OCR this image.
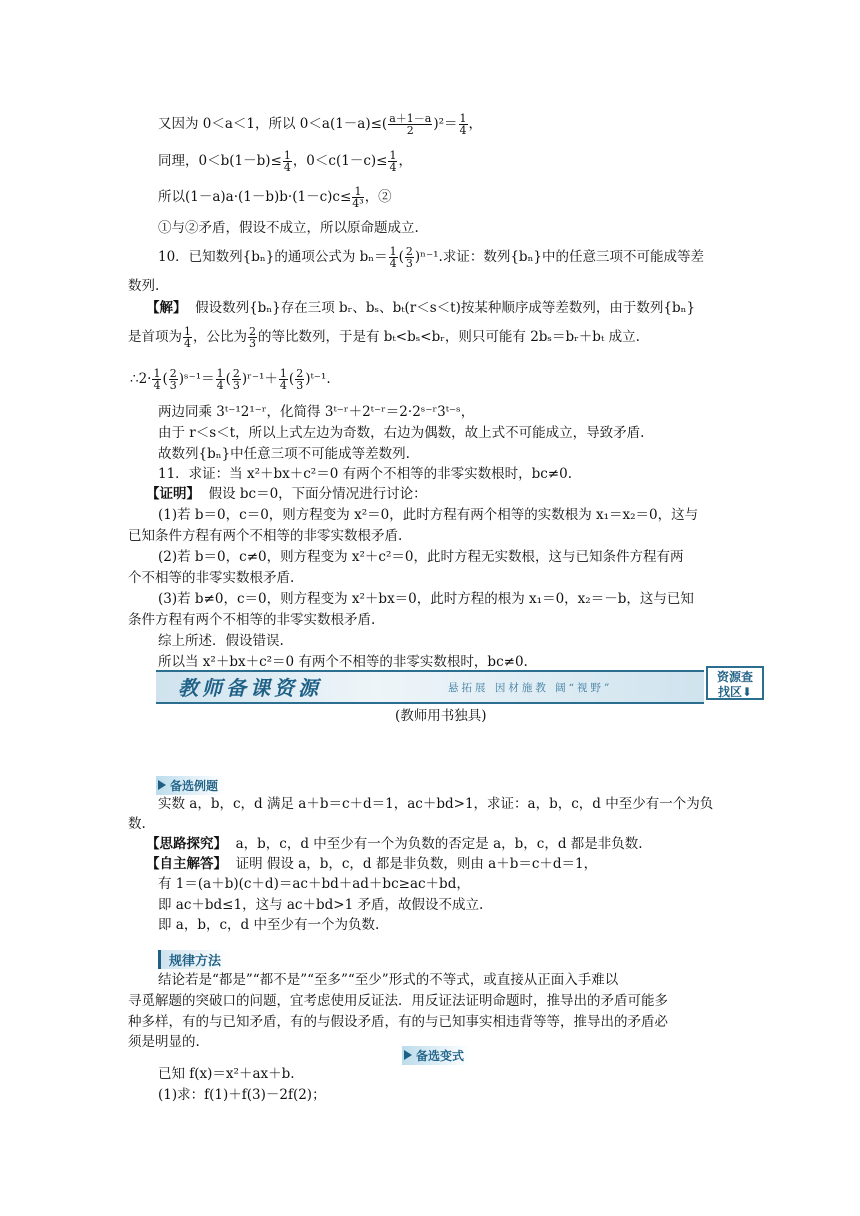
又因为 0＜a＜1，所以 $0<a(1-a)\le( \frac{a+1-a}{2} )^2= \frac{1}{4}$ ，
同理，$0<b(1-b)\le \frac{1}{4}$ ，$0<c(1-c)\le \frac{1}{4}$ ，
所以$(1-a)a\cdot(1-b)b\cdot(1-c)c\le \frac{1}{\text{4³}}$ ，②
①与②矛盾，假设不成立，所以原命题成立.
10．已知数列{bₙ}的通项公式为 $b_n= \frac{1}{4}$ ( $\frac{2}{3} )^{n-1}$.求证：数列{bₙ}中的任意三项不可能成等差
数列.
【解】 假设数列{bₙ}存在三项 bᵣ、bₛ、bₜ(r＜s＜t)按某种顺序成等差数列，由于数列{bₙ}
是首项为 $\frac{1}{4}$ ，公比为 $\frac{2}{3}$ 的等比数列，于是有 bₜ<bₛ<bᵣ，则只可能有 2bₛ＝bᵣ＋bₜ 成立.
∴2· $\frac{1}{4}$ ( $\frac{2}{3}$ )ˢ⁻¹＝ $\frac{1}{4}$ ( $\frac{2}{3}$ )ʳ⁻¹＋ $\frac{1}{4}$ ( $\frac{2}{3}$ )ᵗ⁻¹.
两边同乘 3ᵗ⁻¹2¹⁻ʳ，化简得 3ᵗ⁻ʳ＋2ᵗ⁻ʳ＝2·2ˢ⁻ʳ3ᵗ⁻ˢ，
由于 r＜s＜t，所以上式左边为奇数，右边为偶数，故上式不可能成立，导致矛盾.
故数列{bₙ}中任意三项不可能成等差数列.
11．求证：当 x²＋bx＋c²＝0 有两个不相等的非零实数根时，bc≠0.
【证明】 假设 bc＝0，下面分情况进行讨论：
(1)若 b＝0，c＝0，则方程变为 x²＝0，此时方程有两个相等的实数根为 x₁＝x₂＝0，这与
已知条件方程有两个不相等的非零实数根矛盾.
(2)若 b＝0，c≠0，则方程变为 x²＋c²＝0，此时方程无实数根，这与已知条件方程有两
个不相等的非零实数根矛盾.
(3)若 b≠0，c＝0，则方程变为 x²＋bx＝0，此时方程的根为 x₁＝0，x₂＝－b，这与已知
条件方程有两个不相等的非零实数根矛盾.
综上所述．假设错误.
所以当 x²＋bx＋c²＝0 有两个不相等的非零实数根时，bc≠0.
教师备课资源	悬拓展 因材施教 阔“视野”
资源查
找区⬇
(教师用书独具)
备选例题
实数 a，b，c，d 满足 a＋b＝c＋d＝1，ac＋bd>1，求证：a，b，c，d 中至少有一个为负
数.
【思路探究】 a，b，c，d 中至少有一个为负数的否定是 a，b，c，d 都是非负数.
【自主解答】 证明 假设 a，b，c，d 都是非负数，则由 a＋b＝c＋d＝1，
有 1＝(a＋b)(c＋d)＝ac＋bd＋ad＋bc≥ac＋bd，
即 ac＋bd≤1，这与 ac＋bd>1 矛盾，故假设不成立.
即 a，b，c，d 中至少有一个为负数.
规律方法
结论若是“都是”“都不是”“至多”“至少”形式的不等式，或直接从正面入手难以
寻觅解题的突破口的问题，宜考虑使用反证法．用反证法证明命题时，推导出的矛盾可能多
种多样，有的与已知矛盾，有的与假设矛盾，有的与已知事实相违背等等，推导出的矛盾必
须是明显的.
备选变式
已知 f(x)＝x²＋ax＋b.
(1)求：f(1)＋f(3)－2f(2)；
